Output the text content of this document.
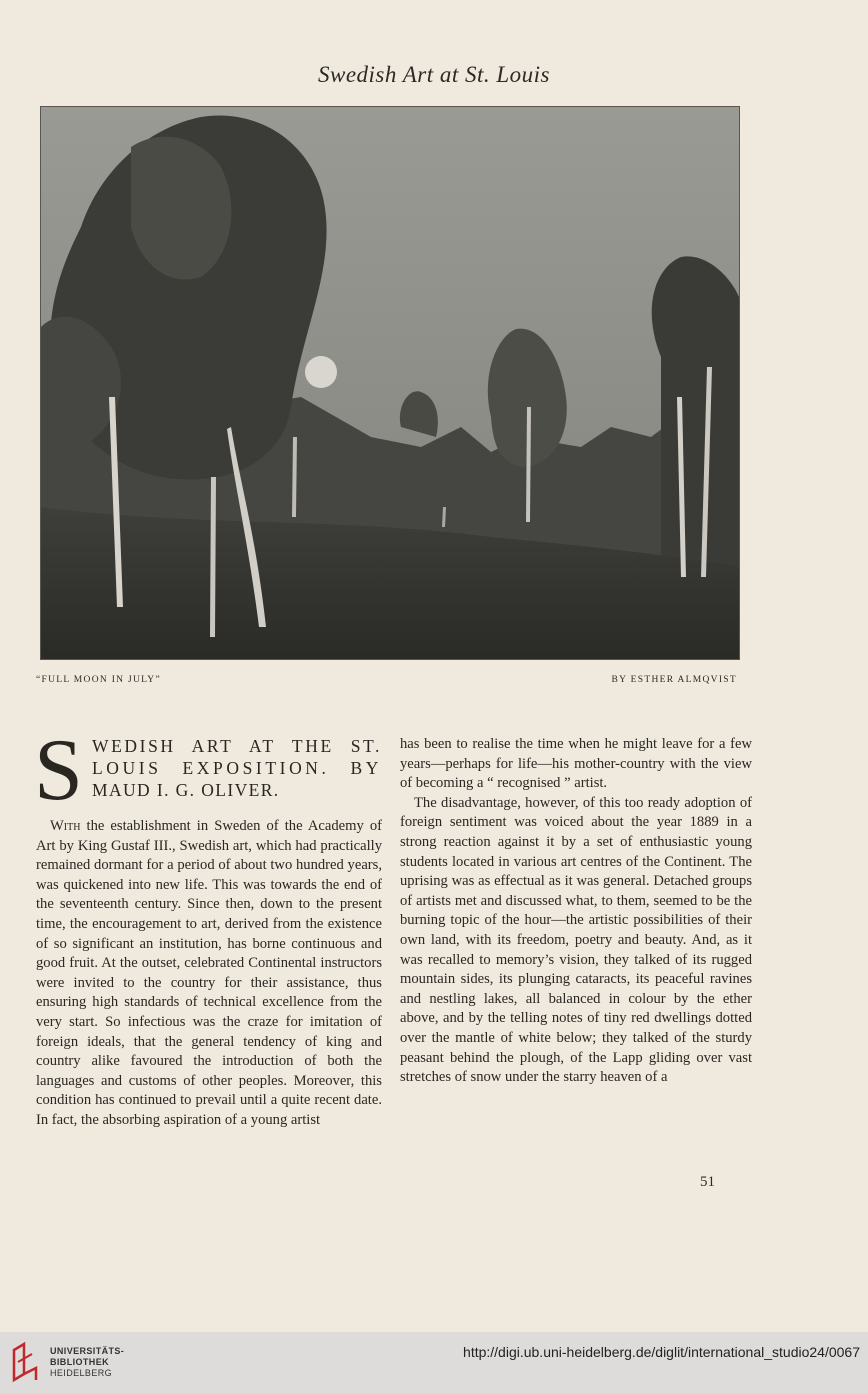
Swedish Art at St. Louis
“FULL MOON IN JULY”	BY ESTHER ALMQVIST
S WEDISH ART AT THE ST.
LOUIS EXPOSITION. BY
MAUD I. G. OLIVER.

With the establishment in Sweden of the Academy of Art by King Gustaf III., Swedish art, which had practically remained dormant for a period of about two hundred years, was quickened into new life. This was towards the end of the seventeenth century. Since then, down to the present time, the encouragement to art, derived from the existence of so significant an institution, has borne continuous and good fruit. At the outset, celebrated Continental instructors were invited to the country for their assistance, thus ensuring high standards of technical excellence from the very start. So infectious was the craze for imitation of foreign ideals, that the general tendency of king and country alike favoured the introduction of both the languages and customs of other peoples. Moreover, this condition has continued to prevail until a quite recent date. In fact, the absorbing aspiration of a young artist

has been to realise the time when he might leave for a few years—perhaps for life—his mother-country with the view of becoming a “ recognised ” artist.

The disadvantage, however, of this too ready adoption of foreign sentiment was voiced about the year 1889 in a strong reaction against it by a set of enthusiastic young students located in various art centres of the Continent. The uprising was as effectual as it was general. Detached groups of artists met and discussed what, to them, seemed to be the burning topic of the hour—the artistic possibilities of their own land, with its freedom, poetry and beauty. And, as it was recalled to memory’s vision, they talked of its rugged mountain sides, its plunging cataracts, its peaceful ravines and nestling lakes, all balanced in colour by the ether above, and by the telling notes of tiny red dwellings dotted over the mantle of white below; they talked of the sturdy peasant behind the plough, of the Lapp gliding over vast stretches of snow under the starry heaven of a

51
UNIVERSITÄTS-
BIBLIOTHEK
HEIDELBERG
http://digi.ub.uni-heidelberg.de/diglit/international_studio24/0067
